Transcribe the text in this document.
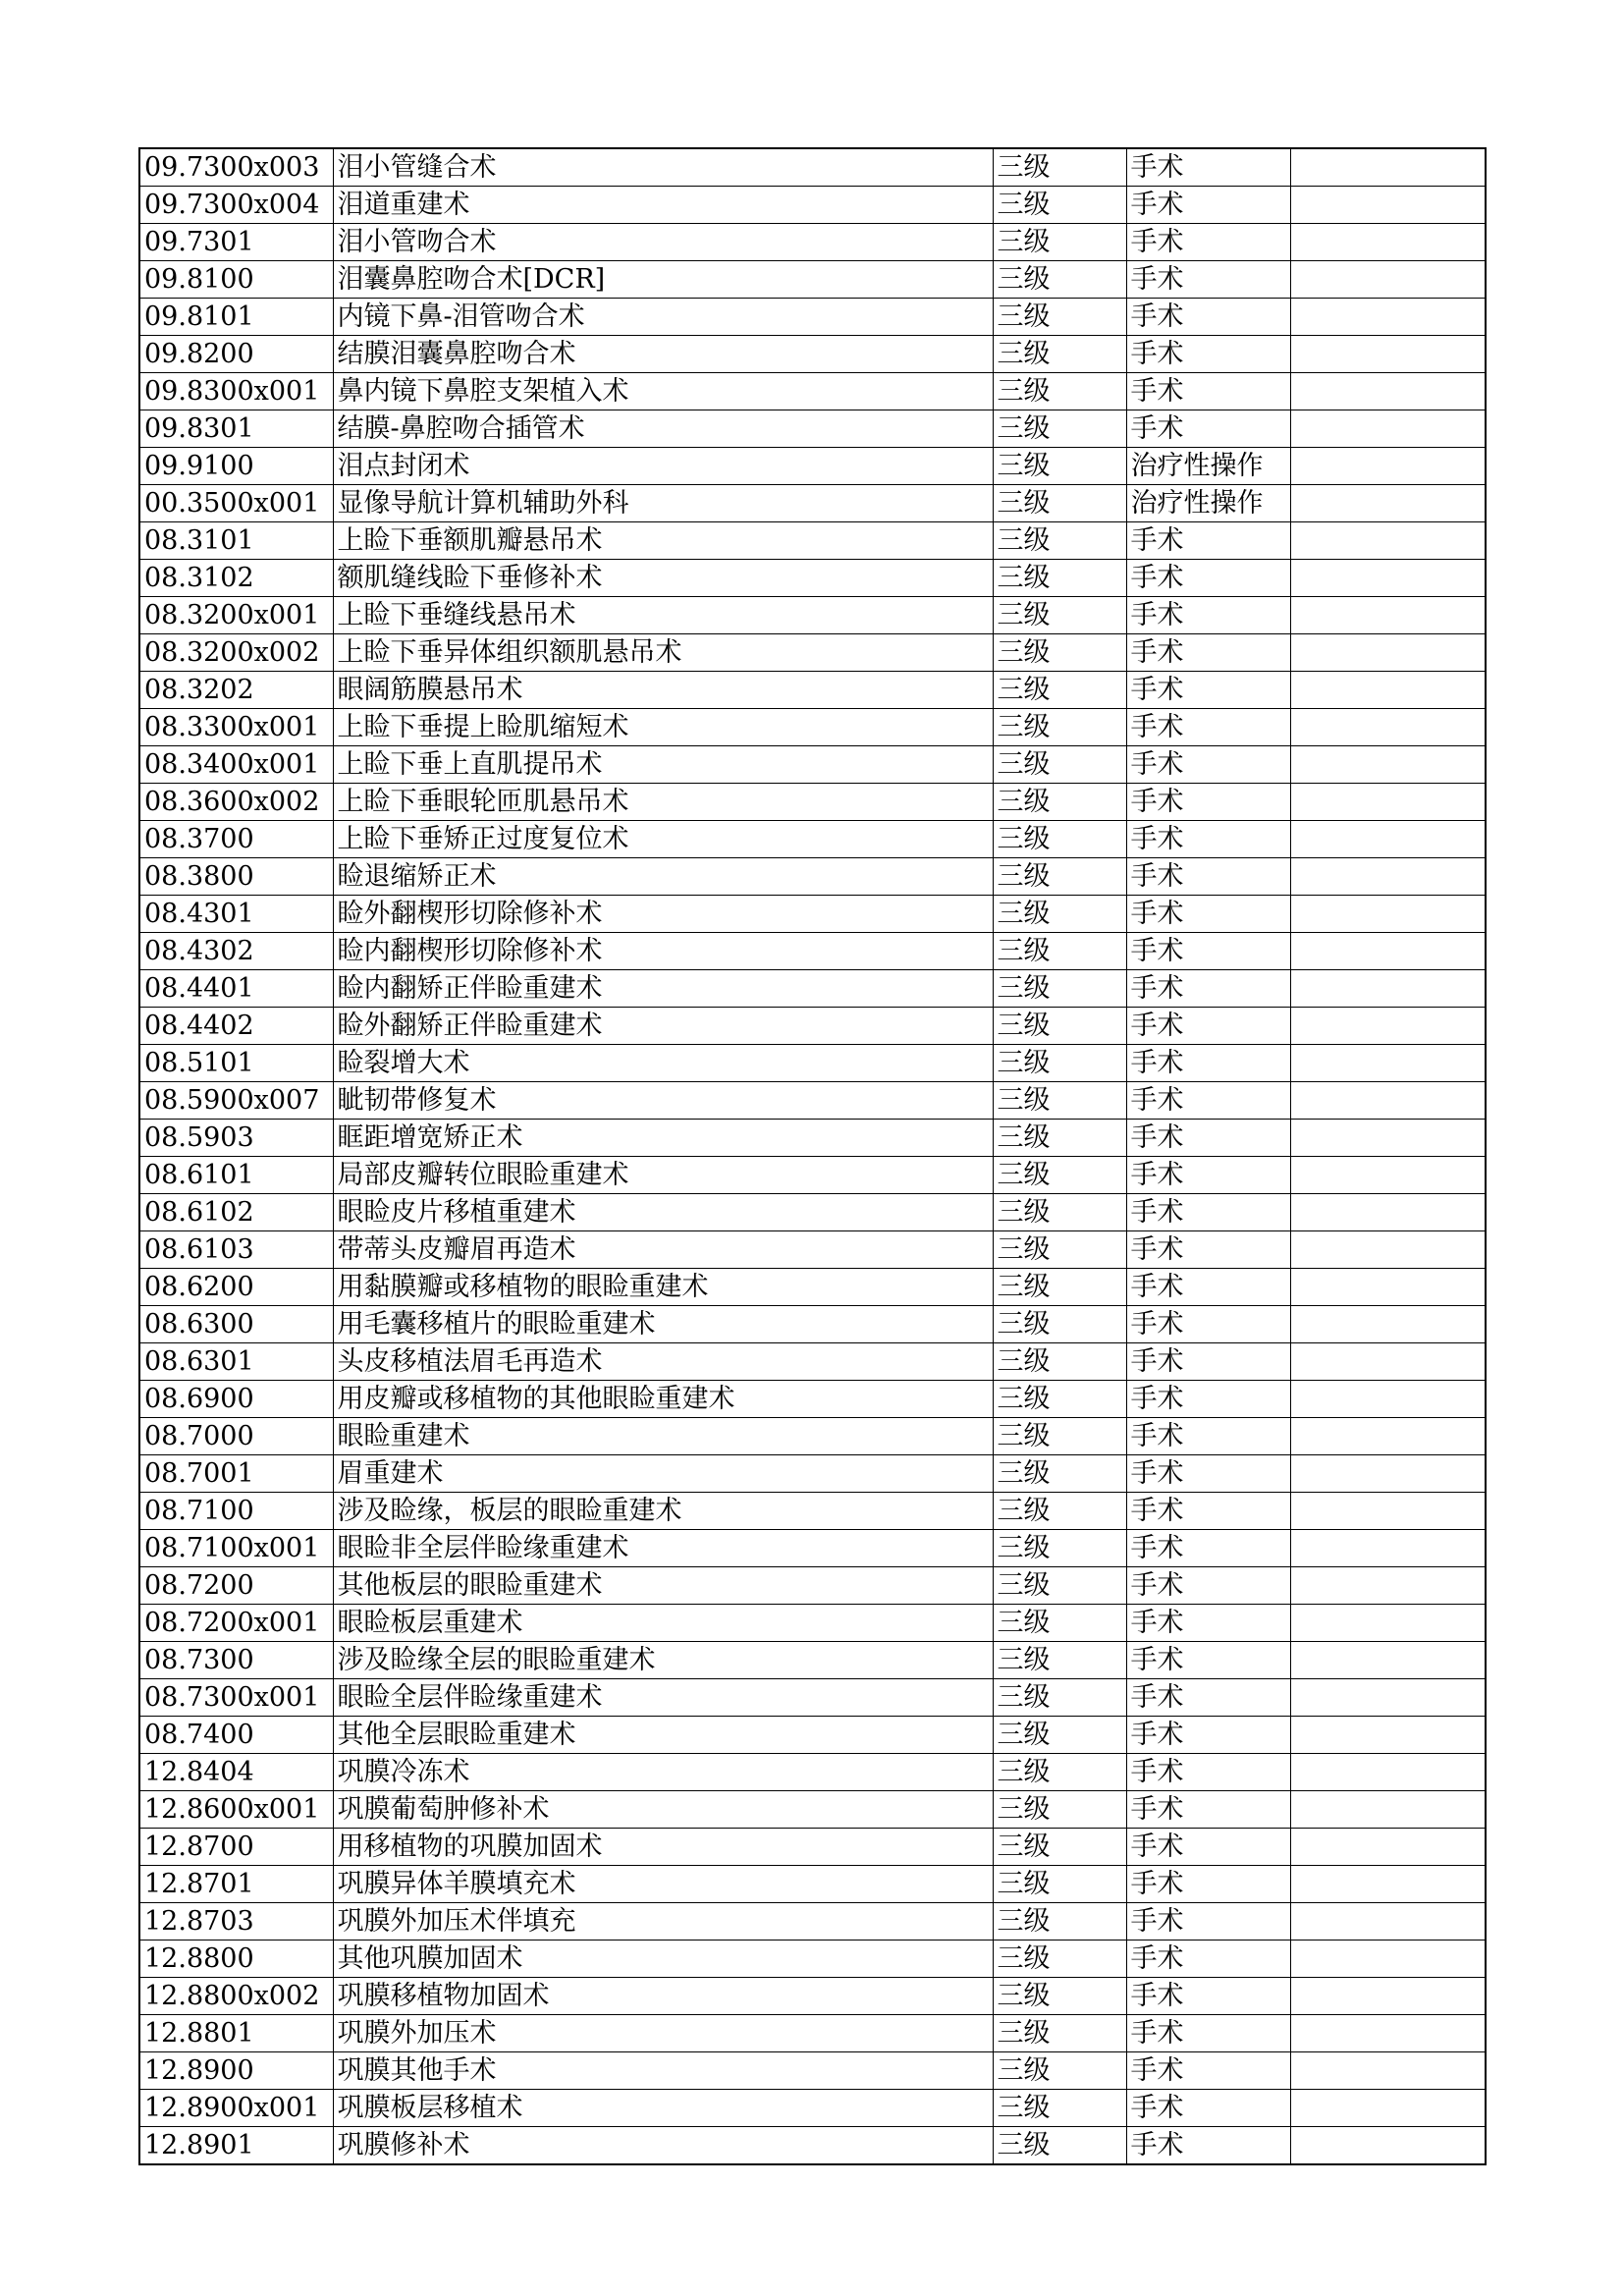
09.7300x003	泪小管缝合术	三级	手术	
09.7300x004	泪道重建术	三级	手术	
09.7301	泪小管吻合术	三级	手术	
09.8100	泪囊鼻腔吻合术[DCR]	三级	手术	
09.8101	内镜下鼻-泪管吻合术	三级	手术	
09.8200	结膜泪囊鼻腔吻合术	三级	手术	
09.8300x001	鼻内镜下鼻腔支架植入术	三级	手术	
09.8301	结膜-鼻腔吻合插管术	三级	手术	
09.9100	泪点封闭术	三级	治疗性操作	
00.3500x001	显像导航计算机辅助外科	三级	治疗性操作	
08.3101	上睑下垂额肌瓣悬吊术	三级	手术	
08.3102	额肌缝线睑下垂修补术	三级	手术	
08.3200x001	上睑下垂缝线悬吊术	三级	手术	
08.3200x002	上睑下垂异体组织额肌悬吊术	三级	手术	
08.3202	眼阔筋膜悬吊术	三级	手术	
08.3300x001	上睑下垂提上睑肌缩短术	三级	手术	
08.3400x001	上睑下垂上直肌提吊术	三级	手术	
08.3600x002	上睑下垂眼轮匝肌悬吊术	三级	手术	
08.3700	上睑下垂矫正过度复位术	三级	手术	
08.3800	睑退缩矫正术	三级	手术	
08.4301	睑外翻楔形切除修补术	三级	手术	
08.4302	睑内翻楔形切除修补术	三级	手术	
08.4401	睑内翻矫正伴睑重建术	三级	手术	
08.4402	睑外翻矫正伴睑重建术	三级	手术	
08.5101	睑裂增大术	三级	手术	
08.5900x007	眦韧带修复术	三级	手术	
08.5903	眶距增宽矫正术	三级	手术	
08.6101	局部皮瓣转位眼睑重建术	三级	手术	
08.6102	眼睑皮片移植重建术	三级	手术	
08.6103	带蒂头皮瓣眉再造术	三级	手术	
08.6200	用黏膜瓣或移植物的眼睑重建术	三级	手术	
08.6300	用毛囊移植片的眼睑重建术	三级	手术	
08.6301	头皮移植法眉毛再造术	三级	手术	
08.6900	用皮瓣或移植物的其他眼睑重建术	三级	手术	
08.7000	眼睑重建术	三级	手术	
08.7001	眉重建术	三级	手术	
08.7100	涉及睑缘，板层的眼睑重建术	三级	手术	
08.7100x001	眼睑非全层伴睑缘重建术	三级	手术	
08.7200	其他板层的眼睑重建术	三级	手术	
08.7200x001	眼睑板层重建术	三级	手术	
08.7300	涉及睑缘全层的眼睑重建术	三级	手术	
08.7300x001	眼睑全层伴睑缘重建术	三级	手术	
08.7400	其他全层眼睑重建术	三级	手术	
12.8404	巩膜冷冻术	三级	手术	
12.8600x001	巩膜葡萄肿修补术	三级	手术	
12.8700	用移植物的巩膜加固术	三级	手术	
12.8701	巩膜异体羊膜填充术	三级	手术	
12.8703	巩膜外加压术伴填充	三级	手术	
12.8800	其他巩膜加固术	三级	手术	
12.8800x002	巩膜移植物加固术	三级	手术	
12.8801	巩膜外加压术	三级	手术	
12.8900	巩膜其他手术	三级	手术	
12.8900x001	巩膜板层移植术	三级	手术	
12.8901	巩膜修补术	三级	手术	
